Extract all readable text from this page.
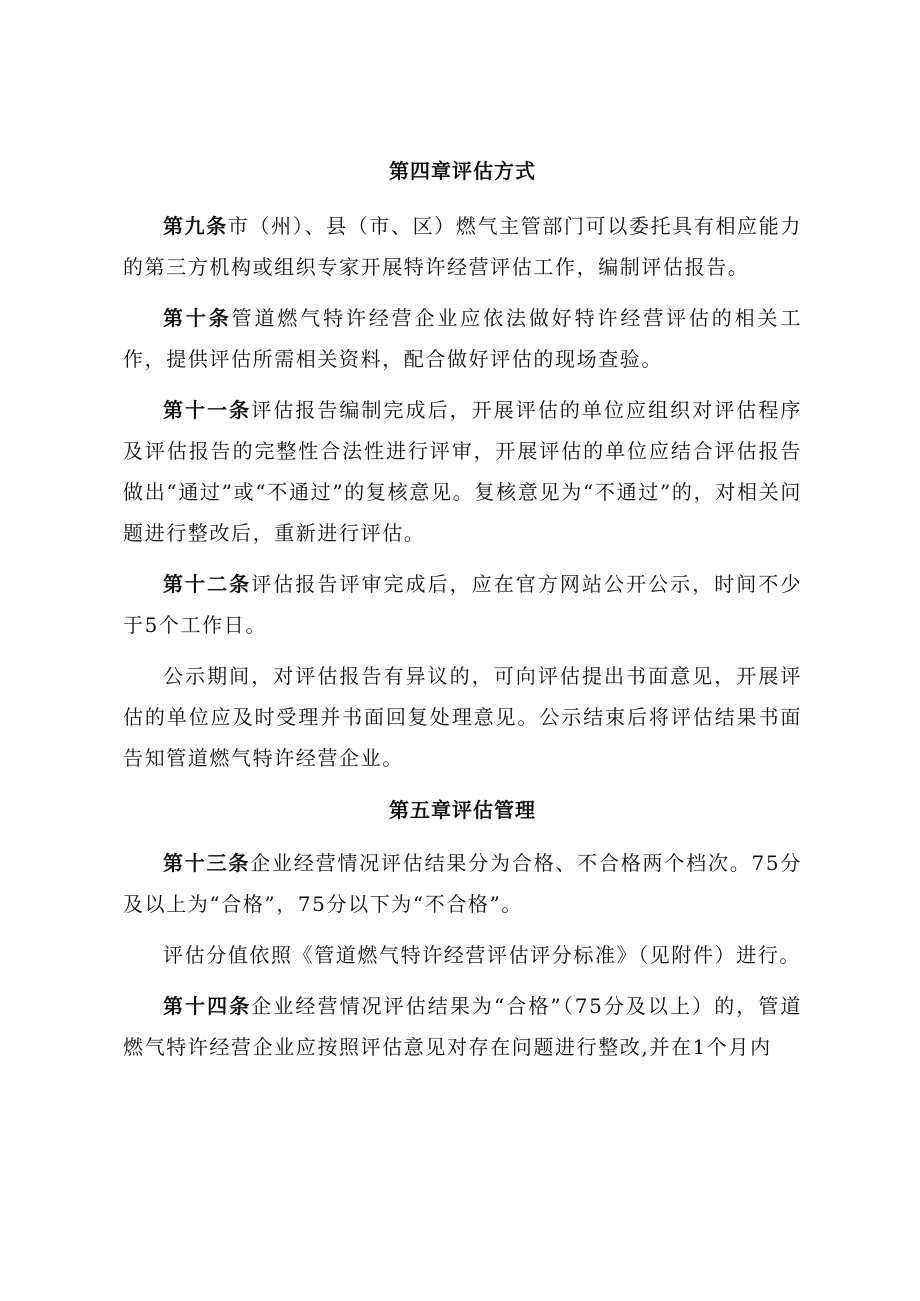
第四章评估方式

第九条市（州）、县（市、区）燃气主管部门可以委托具有相应能力的第三方机构或组织专家开展特许经营评估工作，编制评估报告。

第十条管道燃气特许经营企业应依法做好特许经营评估的相关工作，提供评估所需相关资料，配合做好评估的现场查验。

第十一条评估报告编制完成后，开展评估的单位应组织对评估程序及评估报告的完整性合法性进行评审，开展评估的单位应结合评估报告做出“通过”或“不通过”的复核意见。复核意见为“不通过”的，对相关问题进行整改后，重新进行评估。

第十二条评估报告评审完成后，应在官方网站公开公示，时间不少于5个工作日。

公示期间，对评估报告有异议的，可向评估提出书面意见，开展评估的单位应及时受理并书面回复处理意见。公示结束后将评估结果书面告知管道燃气特许经营企业。

第五章评估管理

第十三条企业经营情况评估结果分为合格、不合格两个档次。75分及以上为“合格”，75分以下为“不合格”。

评估分值依照《管道燃气特许经营评估评分标准》（见附件）进行。

第十四条企业经营情况评估结果为“合格”（75分及以上）的，管道燃气特许经营企业应按照评估意见对存在问题进行整改,并在1个月内
